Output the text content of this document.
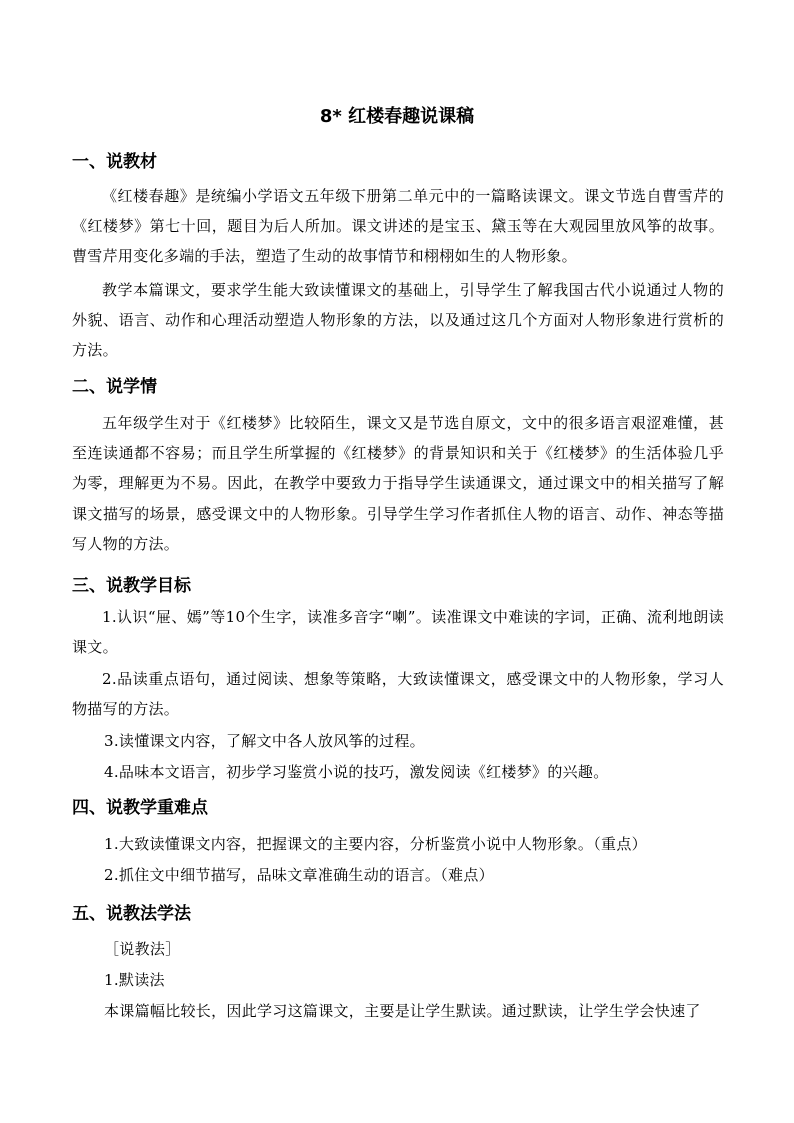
8* 红楼春趣说课稿
一、说教材
《红楼春趣》是统编小学语文五年级下册第二单元中的一篇略读课文。课文节选自曹雪芹的《红楼梦》第七十回，题目为后人所加。课文讲述的是宝玉、黛玉等在大观园里放风筝的故事。曹雪芹用变化多端的手法，塑造了生动的故事情节和栩栩如生的人物形象。
教学本篇课文，要求学生能大致读懂课文的基础上，引导学生了解我国古代小说通过人物的外貌、语言、动作和心理活动塑造人物形象的方法，以及通过这几个方面对人物形象进行赏析的方法。
二、说学情
五年级学生对于《红楼梦》比较陌生，课文又是节选自原文，文中的很多语言艰涩难懂，甚至连读通都不容易；而且学生所掌握的《红楼梦》的背景知识和关于《红楼梦》的生活体验几乎为零，理解更为不易。因此，在教学中要致力于指导学生读通课文，通过课文中的相关描写了解课文描写的场景，感受课文中的人物形象。引导学生学习作者抓住人物的语言、动作、神态等描写人物的方法。
三、说教学目标
1.认识“屉、嫣”等10个生字，读准多音字“喇”。读准课文中难读的字词，正确、流利地朗读课文。
2.品读重点语句，通过阅读、想象等策略，大致读懂课文，感受课文中的人物形象，学习人物描写的方法。
3.读懂课文内容，了解文中各人放风筝的过程。
4.品味本文语言，初步学习鉴赏小说的技巧，激发阅读《红楼梦》的兴趣。
四、说教学重难点
1.大致读懂课文内容，把握课文的主要内容，分析鉴赏小说中人物形象。（重点）
2.抓住文中细节描写，品味文章准确生动的语言。（难点）
五、说教法学法
［说教法］
1.默读法
本课篇幅比较长，因此学习这篇课文，主要是让学生默读。通过默读，让学生学会快速了
